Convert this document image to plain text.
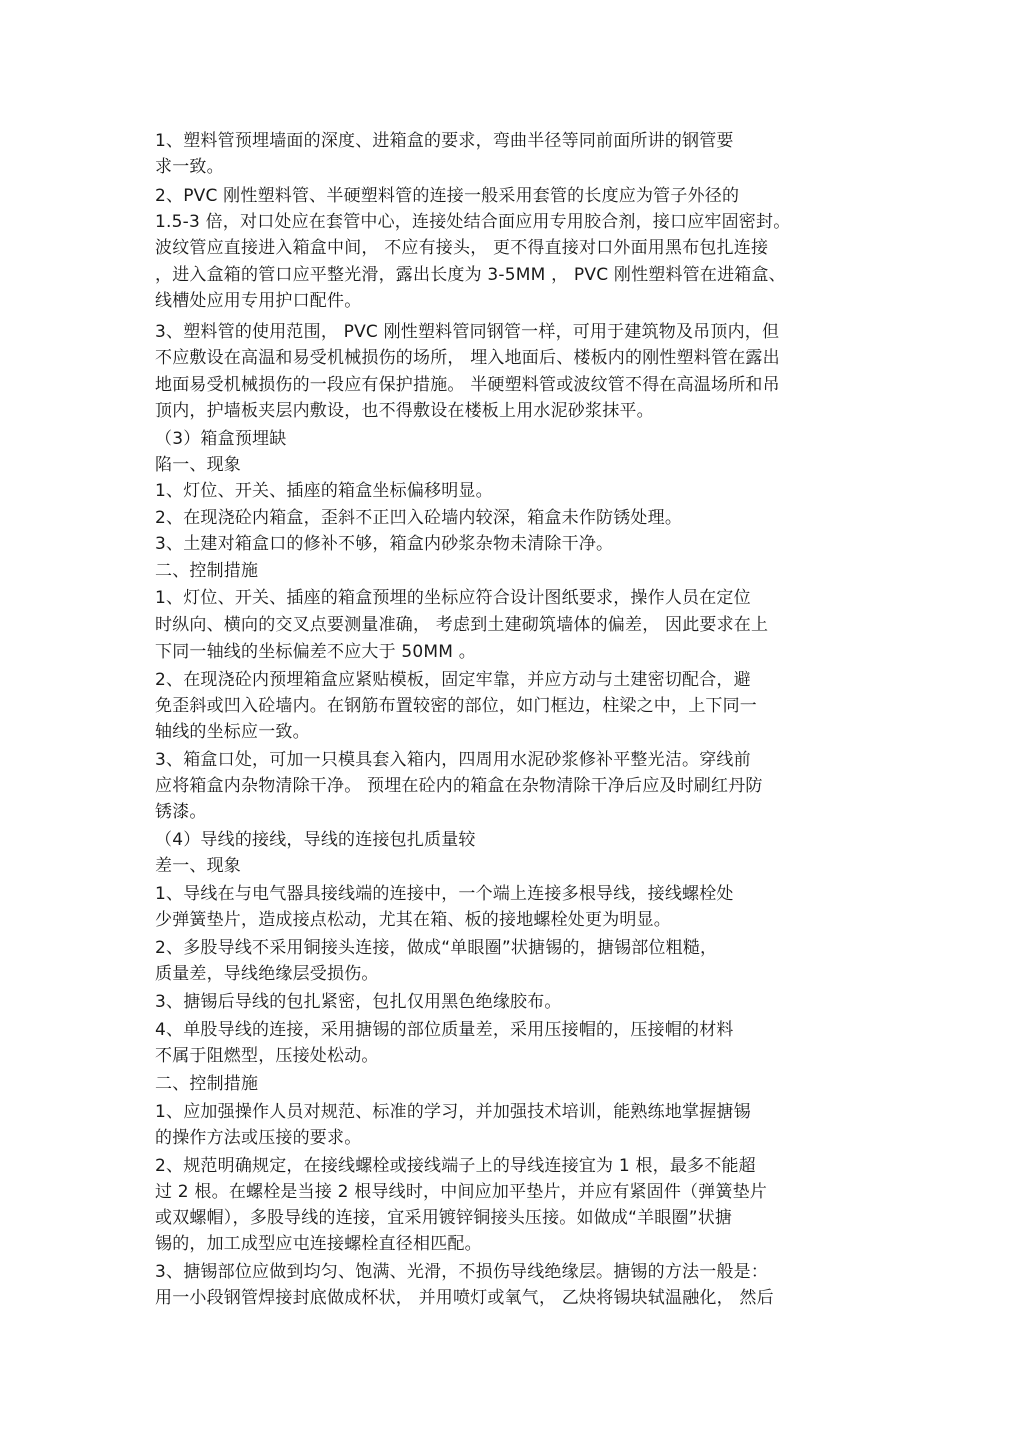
1、塑料管预埋墙面的深度、进箱盒的要求，弯曲半径等同前面所讲的钢管要
求一致。
2、PVC 刚性塑料管、半硬塑料管的连接一般采用套管的长度应为管子外径的
1.5-3 倍，对口处应在套管中心，连接处结合面应用专用胶合剂，接口应牢固密封。
波纹管应直接进入箱盒中间， 不应有接头， 更不得直接对口外面用黑布包扎连接
，进入盒箱的管口应平整光滑，露出长度为 3-5MM ， PVC 刚性塑料管在进箱盒、
线槽处应用专用护口配件。
3、塑料管的使用范围， PVC 刚性塑料管同钢管一样，可用于建筑物及吊顶内，但
不应敷设在高温和易受机械损伤的场所， 埋入地面后、楼板内的刚性塑料管在露出
地面易受机械损伤的一段应有保护措施。 半硬塑料管或波纹管不得在高温场所和吊
顶内，护墙板夹层内敷设，也不得敷设在楼板上用水泥砂浆抹平。
（3）箱盒预埋缺
陷一、现象
1、灯位、开关、插座的箱盒坐标偏移明显。
2、在现浇砼内箱盒，歪斜不正凹入砼墙内较深，箱盒未作防锈处理。
3、土建对箱盒口的修补不够，箱盒内砂浆杂物未清除干净。
二、控制措施
1、灯位、开关、插座的箱盒预埋的坐标应符合设计图纸要求，操作人员在定位
时纵向、横向的交叉点要测量准确， 考虑到土建砌筑墙体的偏差， 因此要求在上
下同一轴线的坐标偏差不应大于 50MM 。
2、在现浇砼内预埋箱盒应紧贴模板，固定牢靠，并应方动与土建密切配合，避
免歪斜或凹入砼墙内。在钢筋布置较密的部位，如门框边，柱梁之中，上下同一
轴线的坐标应一致。
3、箱盒口处，可加一只模具套入箱内，四周用水泥砂浆修补平整光洁。穿线前
应将箱盒内杂物清除干净。 预埋在砼内的箱盒在杂物清除干净后应及时刷红丹防
锈漆。
（4）导线的接线，导线的连接包扎质量较
差一、现象
1、导线在与电气器具接线端的连接中，一个端上连接多根导线，接线螺栓处
少弹簧垫片，造成接点松动，尤其在箱、板的接地螺栓处更为明显。
2、多股导线不采用铜接头连接，做成“单眼圈”状搪锡的，搪锡部位粗糙，
质量差，导线绝缘层受损伤。
3、搪锡后导线的包扎紧密，包扎仅用黑色绝缘胶布。
4、单股导线的连接，采用搪锡的部位质量差，采用压接帽的，压接帽的材料
不属于阻燃型，压接处松动。
二、控制措施
1、应加强操作人员对规范、标准的学习，并加强技术培训，能熟练地掌握搪锡
的操作方法或压接的要求。
2、规范明确规定，在接线螺栓或接线端子上的导线连接宜为 1 根，最多不能超
过 2 根。在螺栓是当接 2 根导线时，中间应加平垫片，并应有紧固件（弹簧垫片
或双螺帽），多股导线的连接，宜采用镀锌铜接头压接。如做成“羊眼圈”状搪
锡的，加工成型应屯连接螺栓直径相匹配。
3、搪锡部位应做到均匀、饱满、光滑，不损伤导线绝缘层。搪锡的方法一般是：
用一小段钢管焊接封底做成杯状， 并用喷灯或氧气， 乙炔将锡块轼温融化， 然后
